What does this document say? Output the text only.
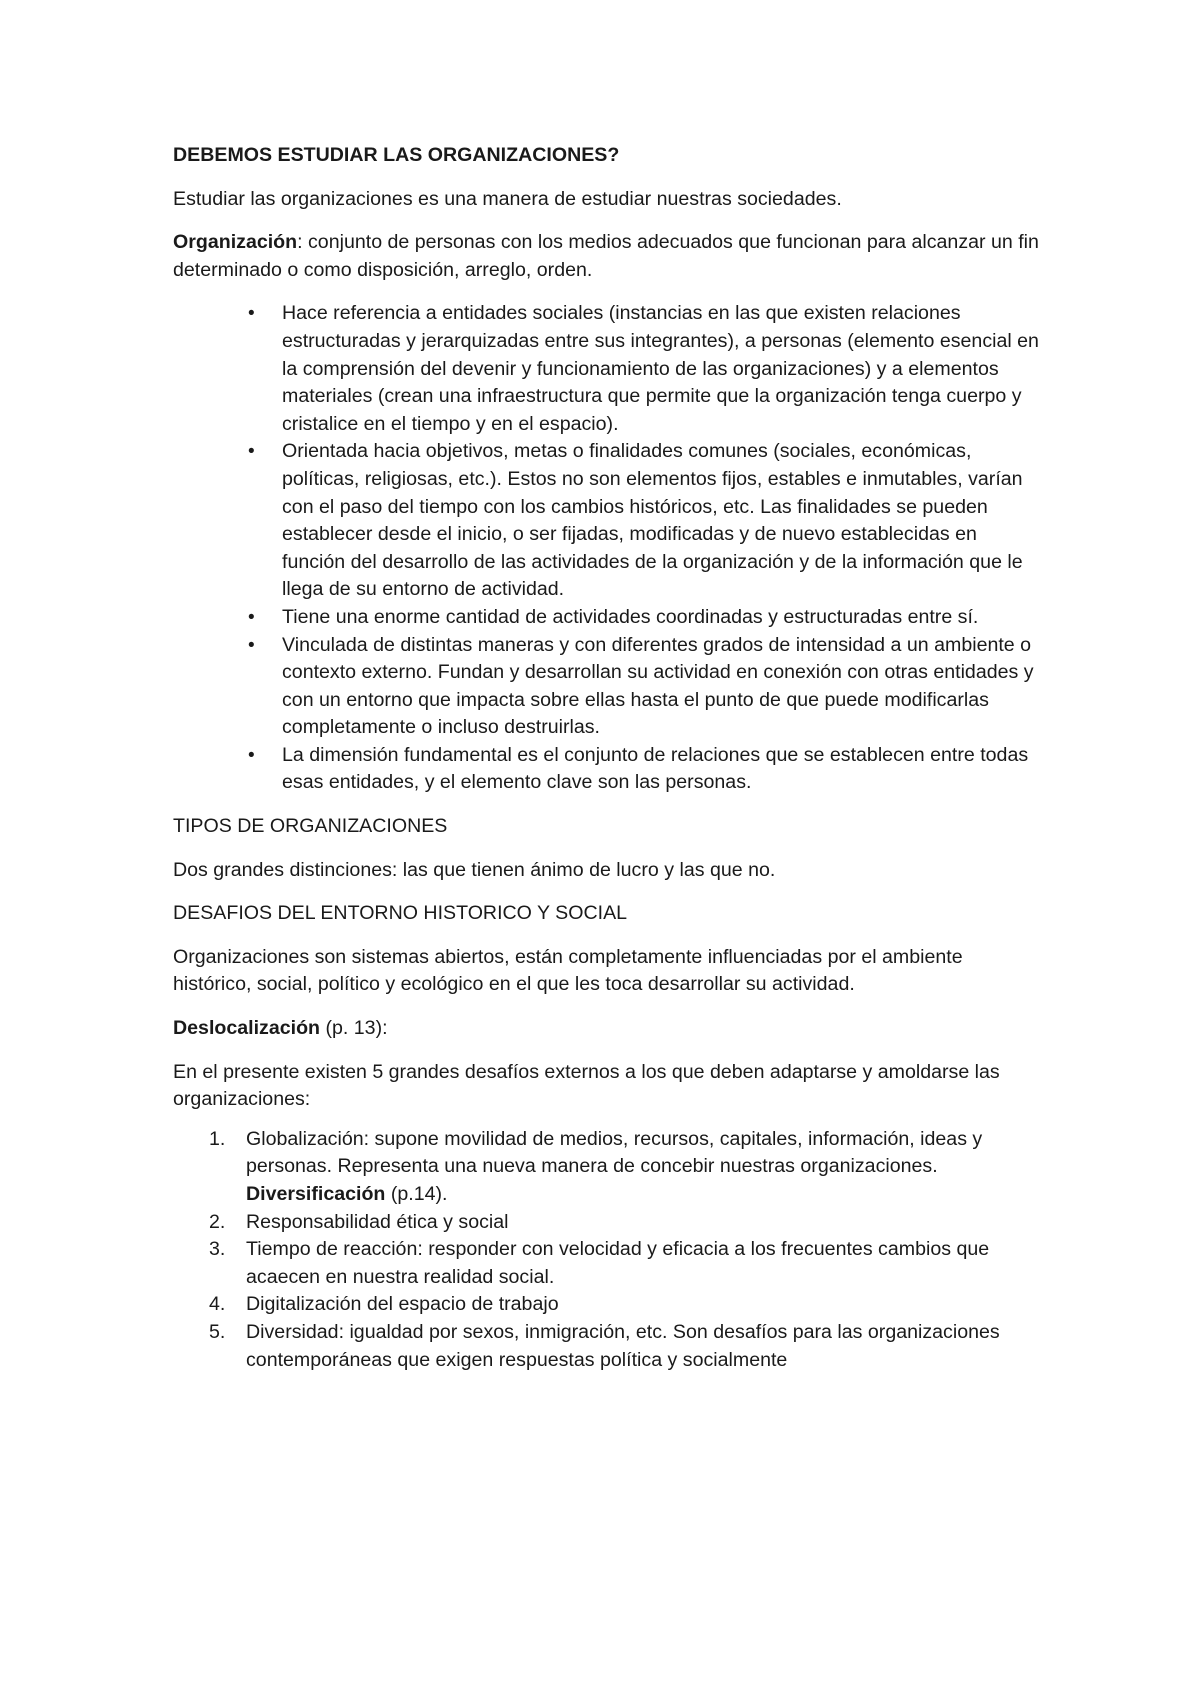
DEBEMOS ESTUDIAR LAS ORGANIZACIONES?

Estudiar las organizaciones es una manera de estudiar nuestras sociedades.

Organización: conjunto de personas con los medios adecuados que funcionan para alcanzar un fin determinado o como disposición, arreglo, orden.

• Hace referencia a entidades sociales (instancias en las que existen relaciones estructuradas y jerarquizadas entre sus integrantes), a personas (elemento esencial en la comprensión del devenir y funcionamiento de las organizaciones) y a elementos materiales (crean una infraestructura que permite que la organización tenga cuerpo y cristalice en el tiempo y en el espacio).
• Orientada hacia objetivos, metas o finalidades comunes (sociales, económicas, políticas, religiosas, etc.). Estos no son elementos fijos, estables e inmutables, varían con el paso del tiempo con los cambios históricos, etc. Las finalidades se pueden establecer desde el inicio, o ser fijadas, modificadas y de nuevo establecidas en función del desarrollo de las actividades de la organización y de la información que le llega de su entorno de actividad.
• Tiene una enorme cantidad de actividades coordinadas y estructuradas entre sí.
• Vinculada de distintas maneras y con diferentes grados de intensidad a un ambiente o contexto externo. Fundan y desarrollan su actividad en conexión con otras entidades y con un entorno que impacta sobre ellas hasta el punto de que puede modificarlas completamente o incluso destruirlas.
• La dimensión fundamental es el conjunto de relaciones que se establecen entre todas esas entidades, y el elemento clave son las personas.

TIPOS DE ORGANIZACIONES

Dos grandes distinciones: las que tienen ánimo de lucro y las que no.

DESAFIOS DEL ENTORNO HISTORICO Y SOCIAL

Organizaciones son sistemas abiertos, están completamente influenciadas por el ambiente histórico, social, político y ecológico en el que les toca desarrollar su actividad.

Deslocalización (p. 13):

En el presente existen 5 grandes desafíos externos a los que deben adaptarse y amoldarse las organizaciones:

1. Globalización: supone movilidad de medios, recursos, capitales, información, ideas y personas. Representa una nueva manera de concebir nuestras organizaciones. Diversificación (p.14).
2. Responsabilidad ética y social
3. Tiempo de reacción: responder con velocidad y eficacia a los frecuentes cambios que acaecen en nuestra realidad social.
4. Digitalización del espacio de trabajo
5. Diversidad: igualdad por sexos, inmigración, etc. Son desafíos para las organizaciones contemporáneas que exigen respuestas política y socialmente
